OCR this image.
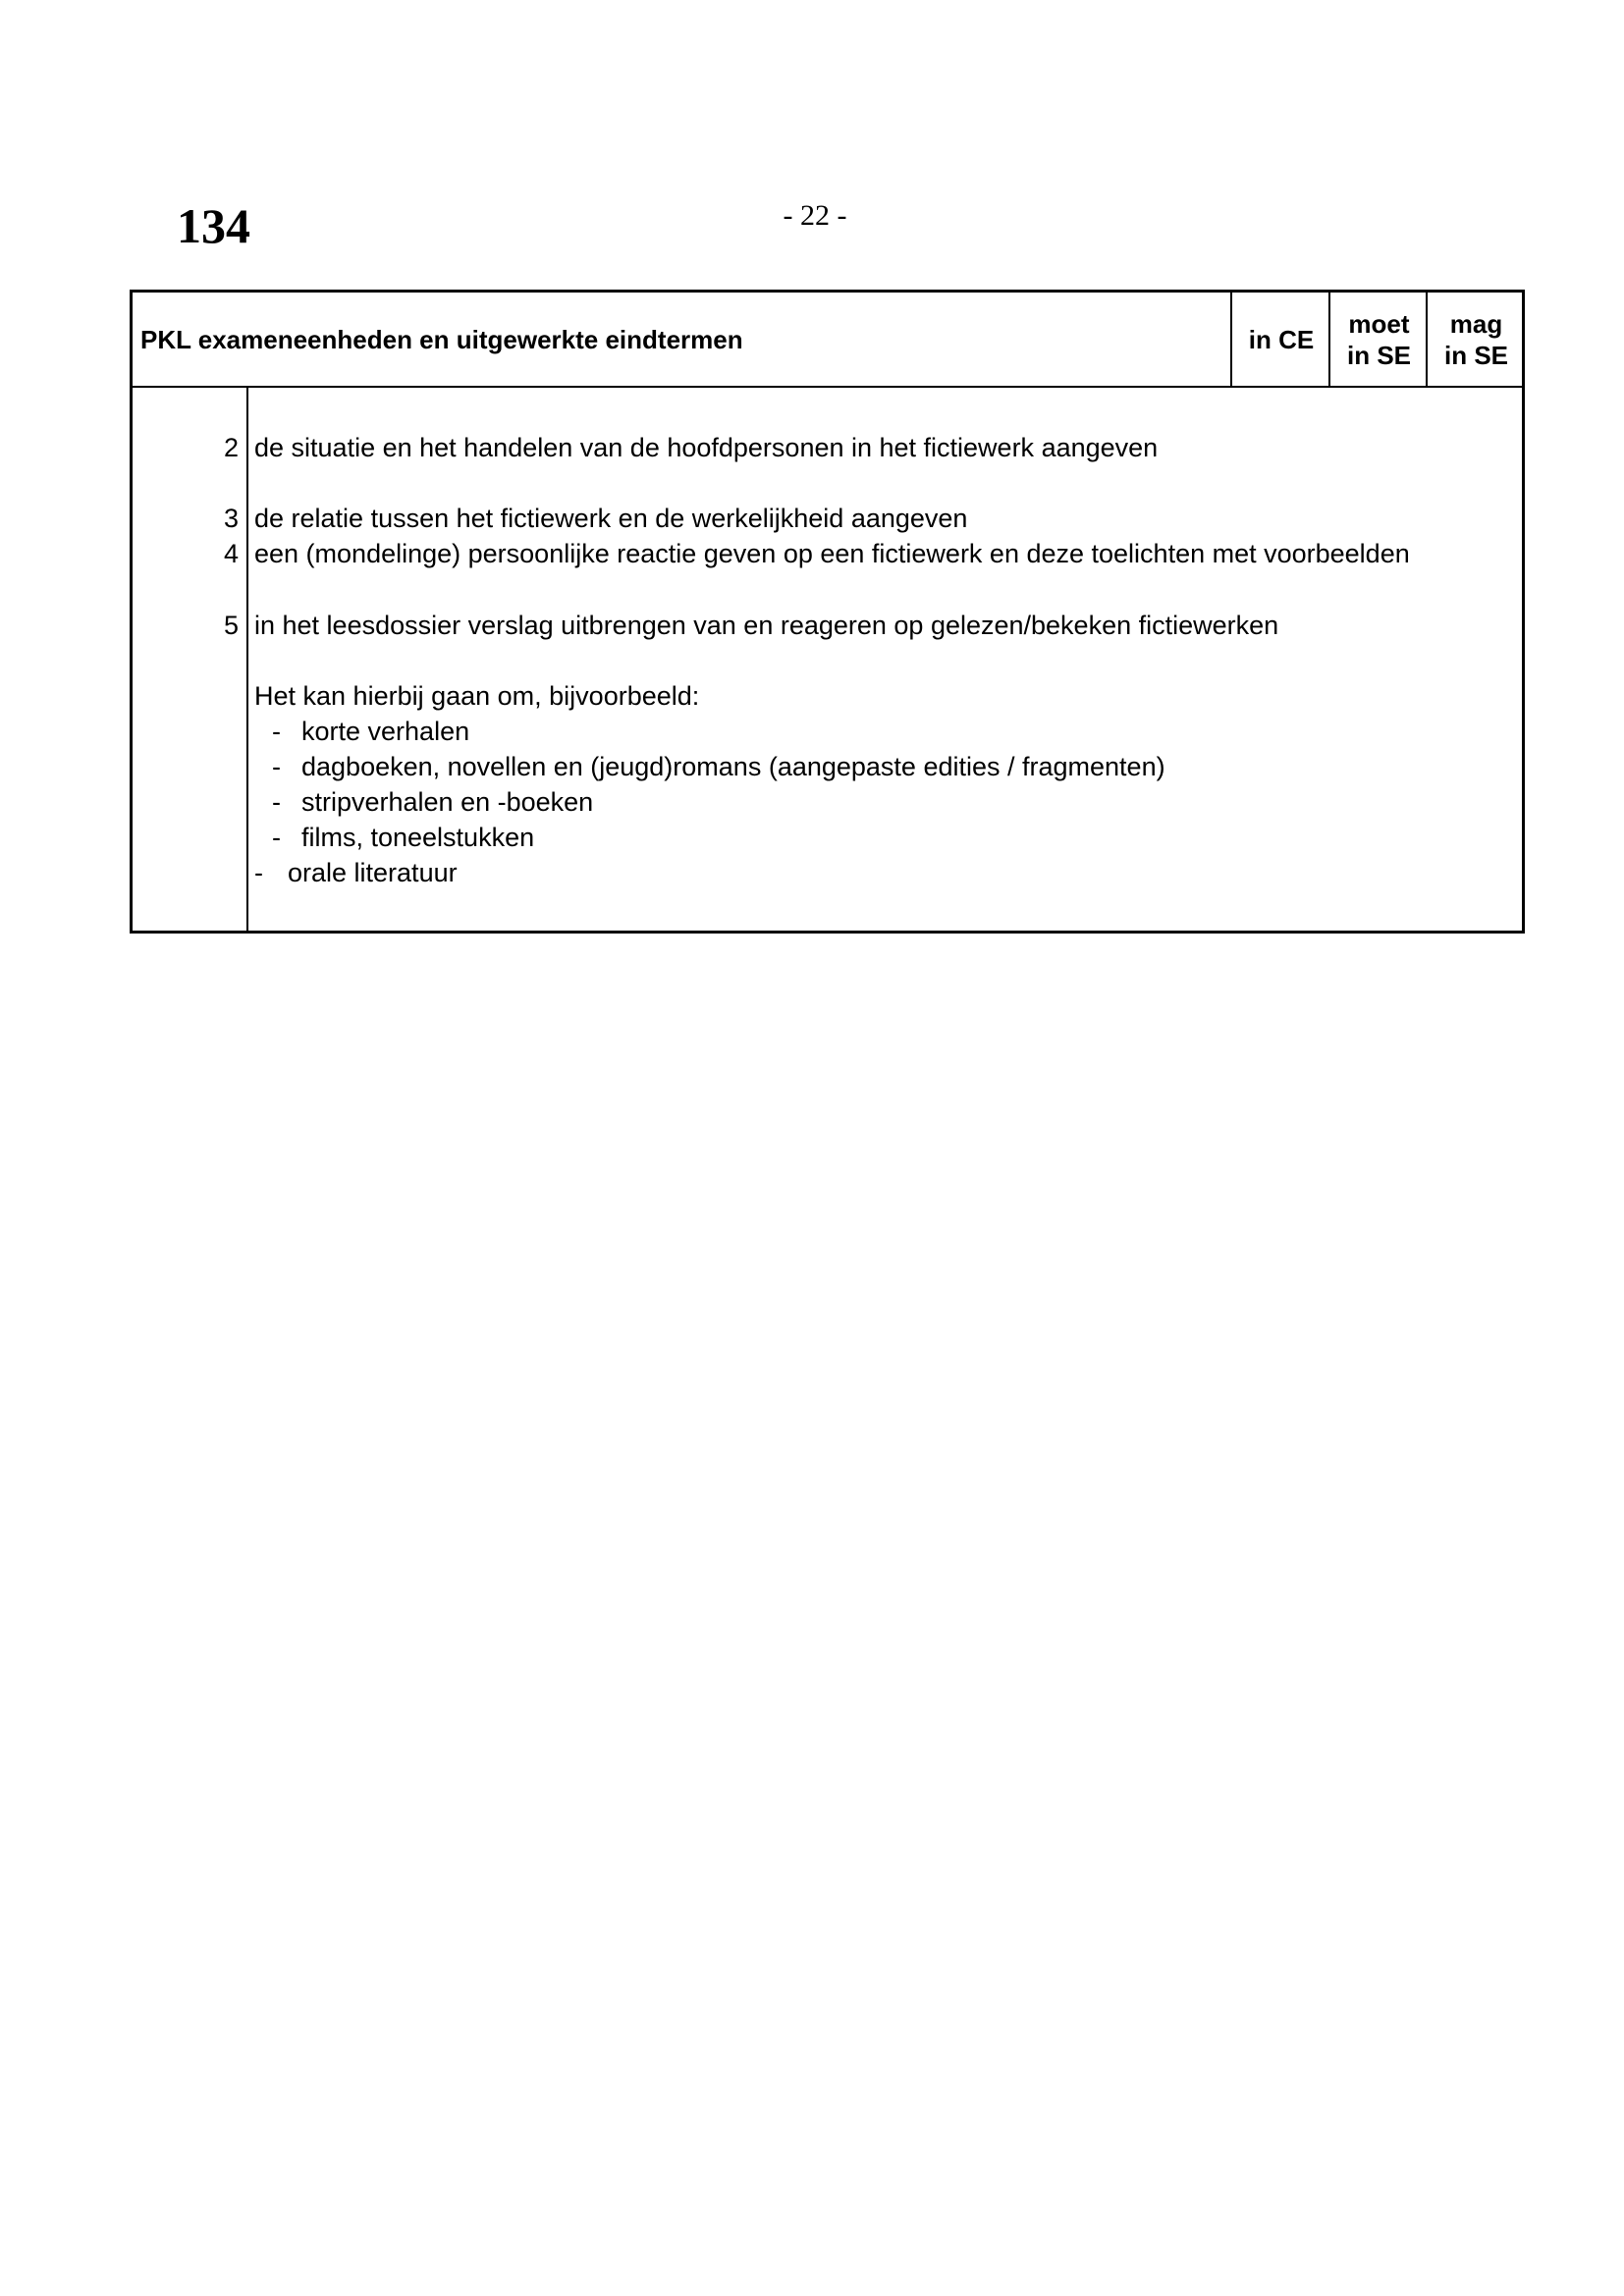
134	- 22 -
PKL exameneenheden en uitgewerkte eindtermen	in CE
moet
in SE
mag
in SE
2 de situatie en het handelen van de hoofdpersonen in het fictiewerk aangeven
3 de relatie tussen het fictiewerk en de werkelijkheid aangeven
4 een (mondelinge) persoonlijke reactie geven op een fictiewerk en deze toelichten met voorbeelden
5 in het leesdossier verslag uitbrengen van en reageren op gelezen/bekeken fictiewerken
Het kan hierbij gaan om, bijvoorbeeld:
- korte verhalen
- dagboeken, novellen en (jeugd)romans (aangepaste edities / fragmenten)
- stripverhalen en -boeken
- films, toneelstukken
- orale literatuur
